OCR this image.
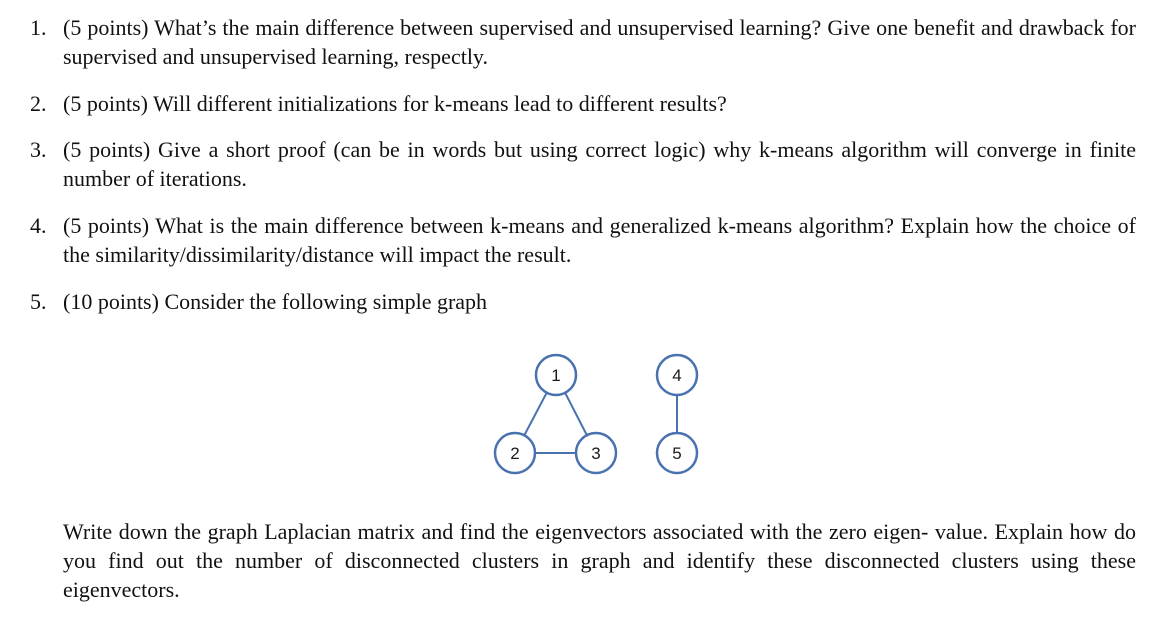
1. (5 points) What’s the main difference between supervised and unsupervised learning? Give one benefit and drawback for supervised and unsupervised learning, respectly.
2. (5 points) Will different initializations for k-means lead to different results?
3. (5 points) Give a short proof (can be in words but using correct logic) why k-means algorithm will converge in finite number of iterations.
4. (5 points) What is the main difference between k-means and generalized k-means algorithm? Explain how the choice of the similarity/dissimilarity/distance will impact the result.
5. (10 points) Consider the following simple graph
1
2	3
4
5
Write down the graph Laplacian matrix and find the eigenvectors associated with the zero eigen- value. Explain how do you find out the number of disconnected clusters in graph and identify these disconnected clusters using these eigenvectors.
